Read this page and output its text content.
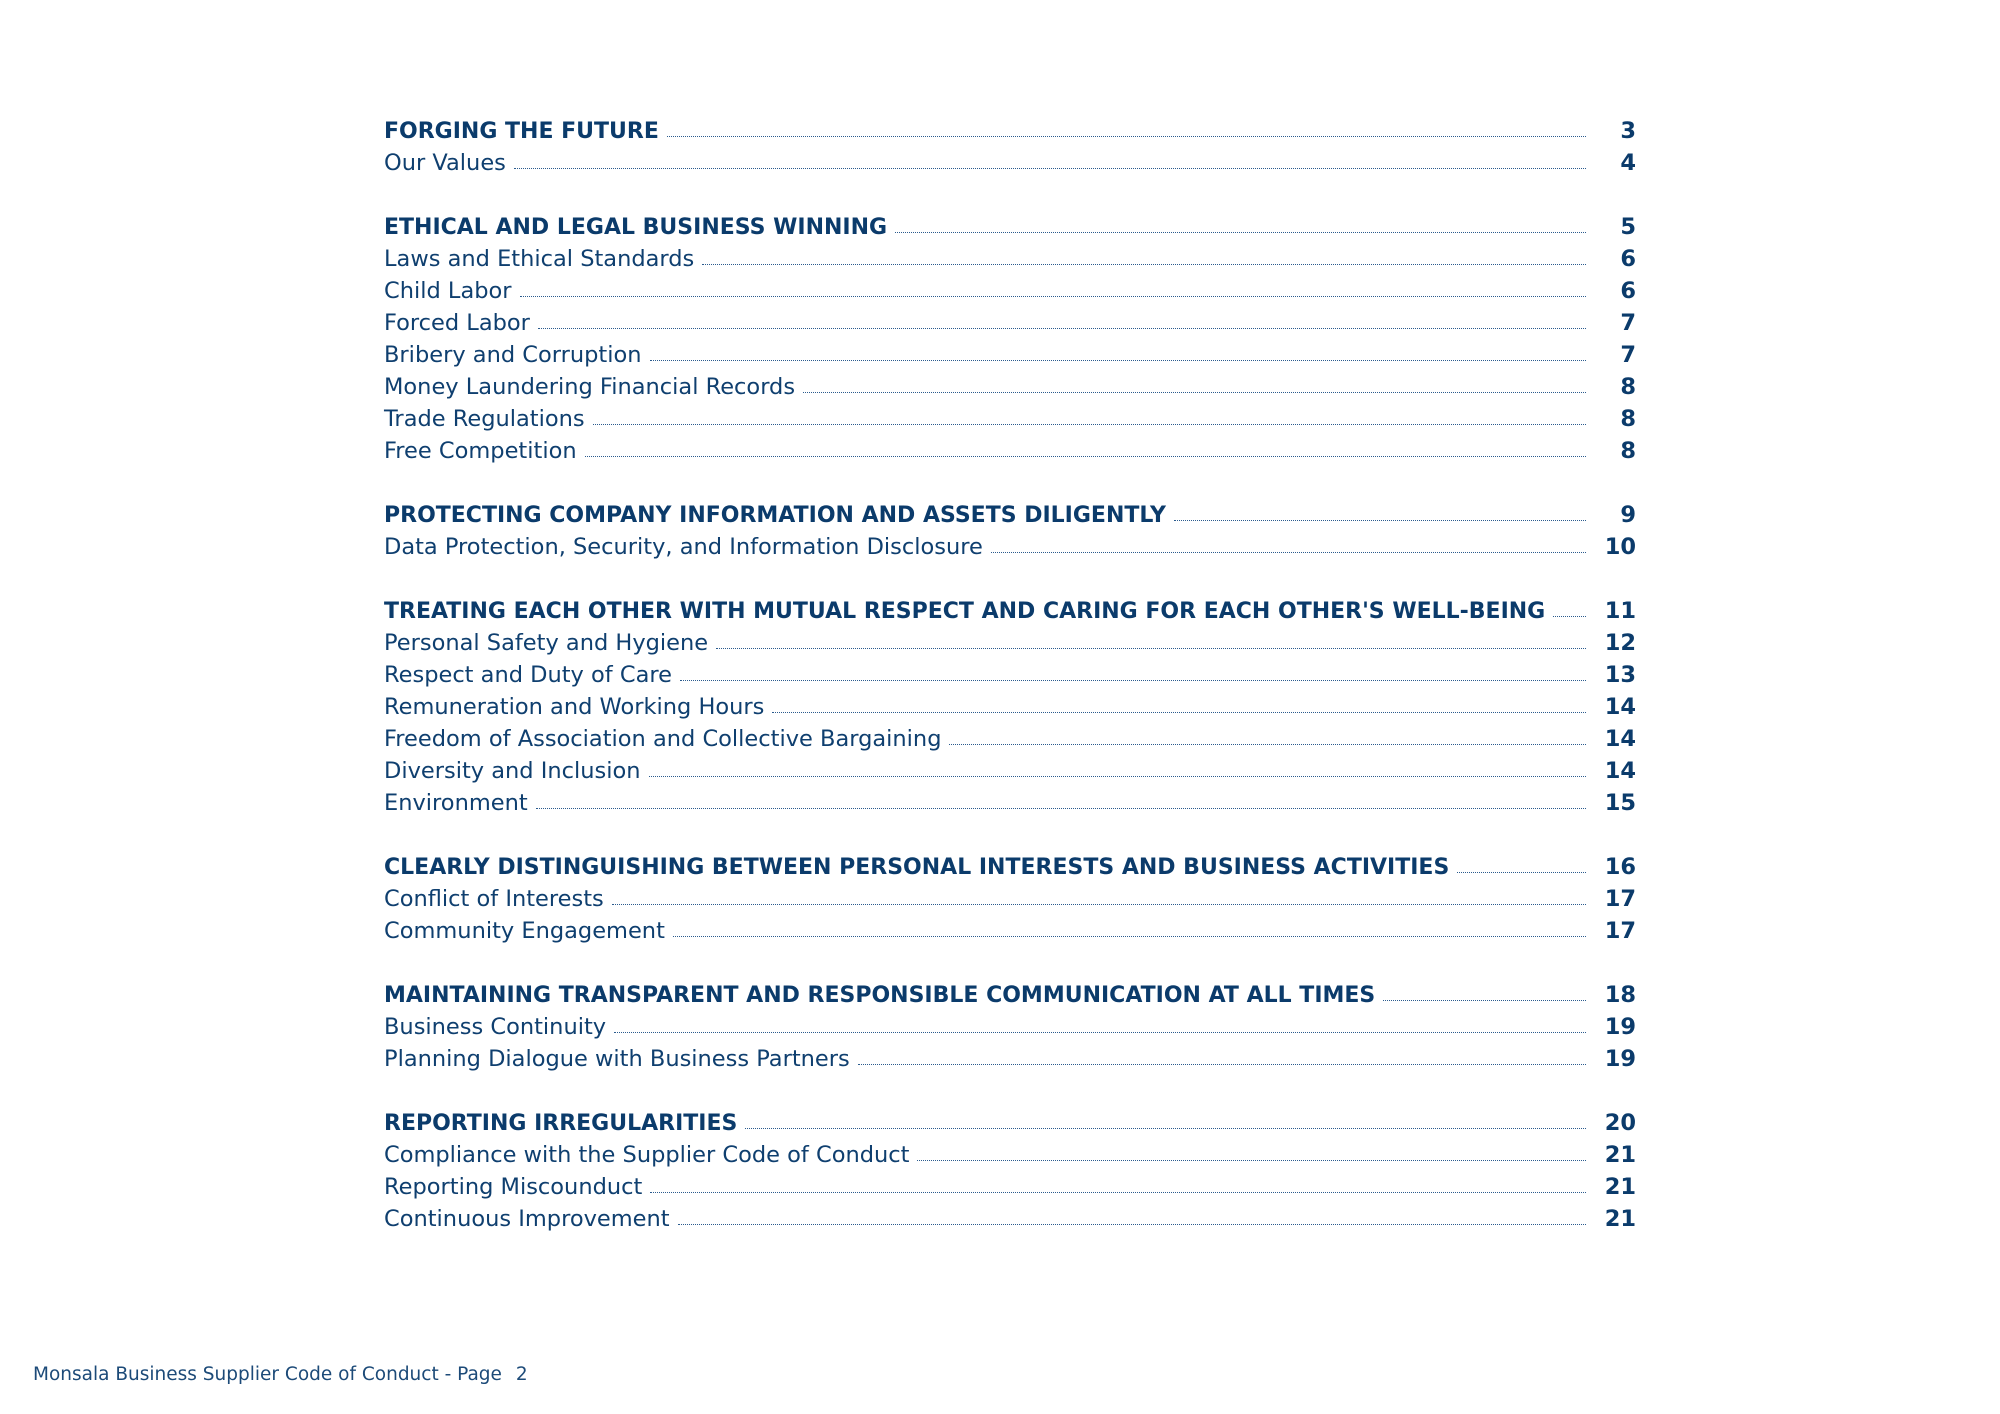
FORGING THE FUTURE	3
Our Values	4
ETHICAL AND LEGAL BUSINESS WINNING	5
Laws and Ethical Standards	6
Child Labor	6
Forced Labor	7
Bribery and Corruption	7
Money Laundering Financial Records	8
Trade Regulations	8
Free Competition	8
PROTECTING COMPANY INFORMATION AND ASSETS DILIGENTLY	9
Data Protection, Security, and Information Disclosure	10
TREATING EACH OTHER WITH MUTUAL RESPECT AND CARING FOR EACH OTHER'S WELL-BEING	11
Personal Safety and Hygiene	12
Respect and Duty of Care	13
Remuneration and Working Hours	14
Freedom of Association and Collective Bargaining	14
Diversity and Inclusion	14
Environment	15
CLEARLY DISTINGUISHING BETWEEN PERSONAL INTERESTS AND BUSINESS ACTIVITIES	16
Conflict of Interests	17
Community Engagement	17
MAINTAINING TRANSPARENT AND RESPONSIBLE COMMUNICATION AT ALL TIMES	18
Business Continuity	19
Planning Dialogue with Business Partners	19
REPORTING IRREGULARITIES	20
Compliance with the Supplier Code of Conduct	21
Reporting Miscounduct	21
Continuous Improvement	21
Monsala Business Supplier Code of Conduct - Page 2
